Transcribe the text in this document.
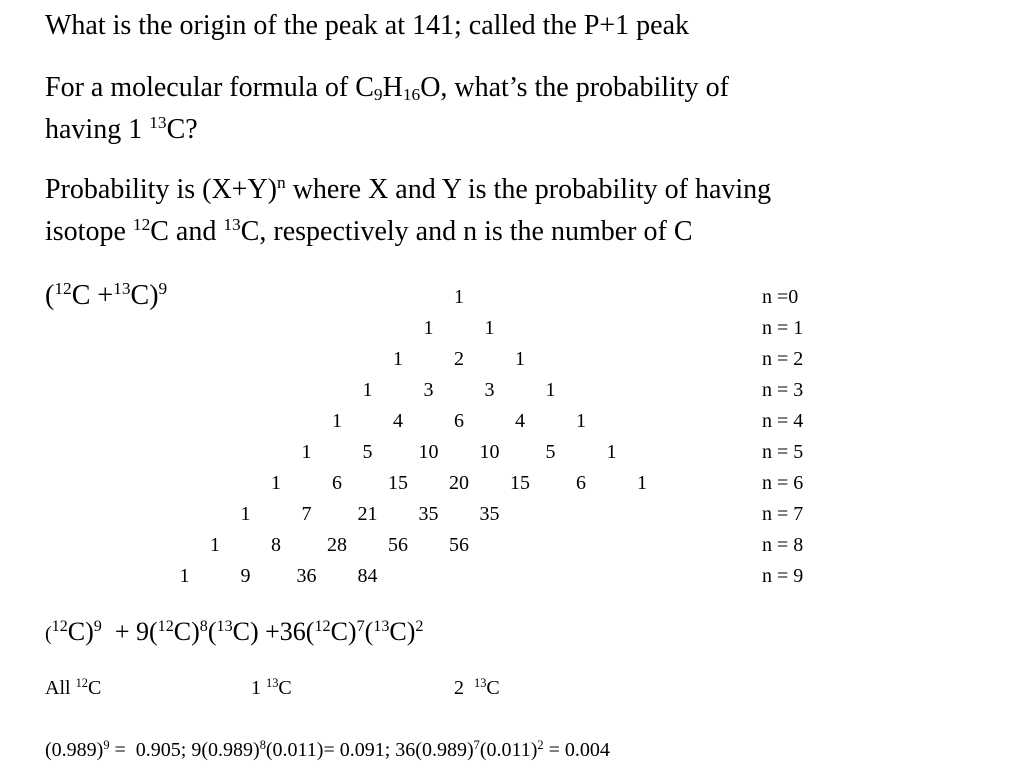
What is the origin of the peak at 141; called the P+1 peak
For a molecular formula of $C_9H_{16}O$, what’s the probability of
having 1 $^{13}$C?
Probability is $(X+Y)^n$ where X and Y is the probability of having
isotope $^{12}$C and $^{13}$C, respectively and n is the number of C
$(^{12}C +^{13}C)^9$	1	n =0
1	1	n = 1
1	2	1	n = 2
1	3	3	1	n = 3
1	4	6	4	1	n = 4
1	5 10 10 5	1	n = 5
1	6 15 20 15 6	1	n = 6
1	7 21 35 35	n = 7
1	8 28 56 56	n = 8
1	9 36 84	n = 9
$(^{12}C)^9 + 9(^{12}C)^8(^{13}C) +36(^{12}C)^7(^{13}C)^2$
All $^{12}$C	1 $^{13}$C	2  $^{13}$C
$(0.989)^9 = 0.905$; $9(0.989)^8(0.011)= 0.091$; $36(0.989)^7(0.011)^2 = 0.004$
